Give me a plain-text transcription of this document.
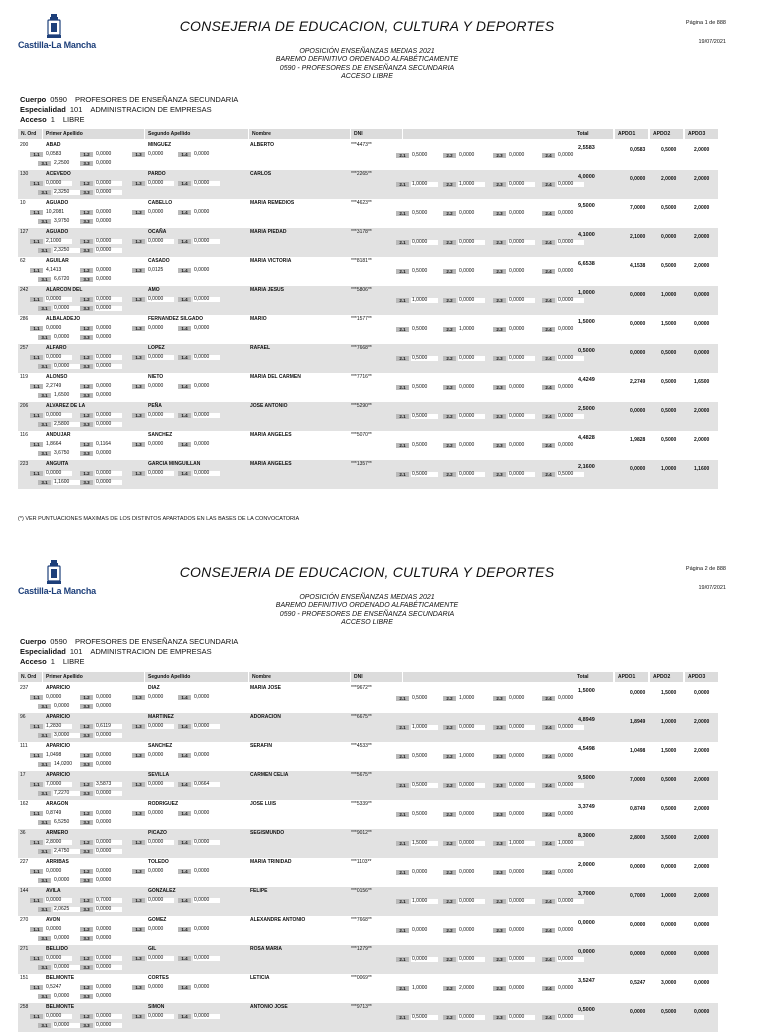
Castilla-La Mancha
CONSEJERIA DE EDUCACION, CULTURA Y DEPORTES	Página 1 de 888
19/07/2021
OPOSICIÓN ENSEÑANZAS MEDIAS 2021
BAREMO DEFINITIVO ORDENADO ALFABÉTICAMENTE
0590 - PROFESORES DE ENSEÑANZA SECUNDARIA
ACCESO LIBRE
Cuerpo 0590 PROFESORES DE ENSEÑANZA SECUNDARIA
Especialidad 101 ADMINISTRACION DE EMPRESAS
Acceso 1 LIBRE
N. Ord	Primer Apellido	Segundo Apellido	Nombre	DNI	Total	APDO1	APDO2	APDO3
200	ABAD	MINGUEZ	ALBERTO	***4473**	2,5583	0,0583	0,5000	2,0000
1.1	0,0583	1.2	0,0000	1.3	0,0000	1.4	0,0000
3.1	2,2500	3.3	0,0000
2.1	0,5000	2.2	0,0000	2.3	0,0000	2.4	0,0000
130	ACEVEDO	PARDO	CARLOS	***2265**	4,0000	0,0000	2,0000	2,0000
1.1	0,0000	1.2	0,0000	1.3	0,0000	1.4	0,0000
3.1	2,3250	3.3	0,0000
2.1	1,0000	2.2	1,0000	2.3	0,0000	2.4	0,0000
10	AGUADO	CABELLO	MARIA REMEDIOS	***4623**	9,5000	7,0000	0,5000	2,0000
1.1	10,2081	1.2	0,0000	1.3	0,0000	1.4	0,0000
3.1	3,9750	3.3	0,0000
2.1	0,5000	2.2	0,0000	2.3	0,0000	2.4	0,0000
127	AGUADO	OCAÑA	MARIA PIEDAD	***3178**	4,1000	2,1000	0,0000	2,0000
1.1	2,1000	1.2	0,0000	1.3	0,0000	1.4	0,0000
3.1	2,3250	3.3	0,0000
2.1	0,0000	2.2	0,0000	2.3	0,0000	2.4	0,0000
62	AGUILAR	CASADO	MARIA VICTORIA	***8181**	6,6538	4,1538	0,5000	2,0000
1.1	4,1413	1.2	0,0000	1.3	0,0125	1.4	0,0000
3.1	6,6720	3.3	0,0000
2.1	0,5000	2.2	0,0000	2.3	0,0000	2.4	0,0000
242	ALARCON DEL	AMO	MARIA JESUS	***5806**	1,0000	0,0000	1,0000	0,0000
1.1	0,0000	1.2	0,0000	1.3	0,0000	1.4	0,0000
3.1	0,0000	3.3	0,0000
2.1	1,0000	2.2	0,0000	2.3	0,0000	2.4	0,0000
286	ALBALADEJO	FERNANDEZ SILGADO	MARIO	***1577**	1,5000	0,0000	1,5000	0,0000
1.1	0,0000	1.2	0,0000	1.3	0,0000	1.4	0,0000
3.1	0,0000	3.3	0,0000
2.1	0,5000	2.2	1,0000	2.3	0,0000	2.4	0,0000
257	ALFARO	LOPEZ	RAFAEL	***7668**	0,5000	0,0000	0,5000	0,0000
1.1	0,0000	1.2	0,0000	1.3	0,0000	1.4	0,0000
3.1	0,0000	3.3	0,0000
2.1	0,5000	2.2	0,0000	2.3	0,0000	2.4	0,0000
119	ALONSO	NIETO	MARIA DEL CARMEN	***7716**	4,4249	2,2749	0,5000	1,6500
1.1	2,2749	1.2	0,0000	1.3	0,0000	1.4	0,0000
3.1	1,6500	3.3	0,0000
2.1	0,5000	2.2	0,0000	2.3	0,0000	2.4	0,0000
206	ALVAREZ DE LA	PEÑA	JOSE ANTONIO	***5290**	2,5000	0,0000	0,5000	2,0000
1.1	0,0000	1.2	0,0000	1.3	0,0000	1.4	0,0000
3.1	2,5800	3.3	0,0000
2.1	0,5000	2.2	0,0000	2.3	0,0000	2.4	0,0000
116	ANDUJAR	SANCHEZ	MARIA ANGELES	***5070**	4,4828	1,9828	0,5000	2,0000
1.1	1,8664	1.2	0,1164	1.3	0,0000	1.4	0,0000
3.1	3,6750	3.3	0,0000
2.1	0,5000	2.2	0,0000	2.3	0,0000	2.4	0,0000
223	ANGUITA	GARCIA MINGUILLAN	MARIA ANGELES	***1357**	2,1600	0,0000	1,0000	1,1600
1.1	0,0000	1.2	0,0000	1.3	0,0000	1.4	0,0000
3.1	1,1600	3.3	0,0000
2.1	0,5000	2.2	0,0000	2.3	0,0000	2.4	0,5000
(*) VER PUNTUACIONES MAXIMAS DE LOS DISTINTOS APARTADOS EN LAS BASES DE LA CONVOCATORIA
Castilla-La Mancha
CONSEJERIA DE EDUCACION, CULTURA Y DEPORTES	Página 2 de 888
19/07/2021
OPOSICIÓN ENSEÑANZAS MEDIAS 2021
BAREMO DEFINITIVO ORDENADO ALFABÉTICAMENTE
0590 - PROFESORES DE ENSEÑANZA SECUNDARIA
ACCESO LIBRE
Cuerpo 0590 PROFESORES DE ENSEÑANZA SECUNDARIA
Especialidad 101 ADMINISTRACION DE EMPRESAS
Acceso 1 LIBRE
N. Ord	Primer Apellido	Segundo Apellido	Nombre	DNI	Total	APDO1	APDO2	APDO3
237	APARICIO	DIAZ	MARIA JOSE	***9672**	1,5000	0,0000	1,5000	0,0000
1.1	0,0000	1.2	0,0000	1.3	0,0000	1.4	0,0000
3.1	0,0000	3.3	0,0000
2.1	0,5000	2.2	1,0000	2.3	0,0000	2.4	0,0000
96	APARICIO	MARTINEZ	ADORACION	***6675**	4,8949	1,8949	1,0000	2,0000
1.1	1,2830	1.2	0,6119	1.3	0,0000	1.4	0,0000
3.1	3,0000	3.3	0,0000
2.1	1,0000	2.2	0,0000	2.3	0,0000	2.4	0,0000
111	APARICIO	SANCHEZ	SERAFIN	***4533**	4,5498	1,0498	1,5000	2,0000
1.1	1,0498	1.2	0,0000	1.3	0,0000	1.4	0,0000
3.1	14,0200	3.3	0,0000
2.1	0,5000	2.2	1,0000	2.3	0,0000	2.4	0,0000
17	APARICIO	SEVILLA	CARMEN CELIA	***5675**	9,5000	7,0000	0,5000	2,0000
1.1	7,0000	1.2	3,5873	1.3	0,0000	1.4	0,0664
3.1	7,2270	3.3	0,0000
2.1	0,5000	2.2	0,0000	2.3	0,0000	2.4	0,0000
162	ARAGON	RODRIGUEZ	JOSE LUIS	***5339**	3,3749	0,8749	0,5000	2,0000
1.1	0,8749	1.2	0,0000	1.3	0,0000	1.4	0,0000
3.1	6,5250	3.3	0,0000
2.1	0,5000	2.2	0,0000	2.3	0,0000	2.4	0,0000
36	ARMERO	PICAZO	SEGISMUNDO	***9012**	8,3000	2,8000	3,5000	2,0000
1.1	2,8000	1.2	0,0000	1.3	0,0000	1.4	0,0000
3.1	2,4750	3.3	0,0000
2.1	1,5000	2.2	0,0000	2.3	1,0000	2.4	1,0000
227	ARRIBAS	TOLEDO	MARIA TRINIDAD	***1103**	2,0000	0,0000	0,0000	2,0000
1.1	0,0000	1.2	0,0000	1.3	0,0000	1.4	0,0000
3.1	0,0000	3.3	0,0000
2.1	0,0000	2.2	0,0000	2.3	0,0000	2.4	0,0000
144	AVILA	GONZALEZ	FELIPE	***0156**	3,7000	0,7000	1,0000	2,0000
1.1	0,0000	1.2	0,7000	1.3	0,0000	1.4	0,0000
3.1	2,0625	3.3	0,0000
2.1	1,0000	2.2	0,0000	2.3	0,0000	2.4	0,0000
270	AVON	GOMEZ	ALEXANDRE ANTONIO	***7668**	0,0000	0,0000	0,0000	0,0000
1.1	0,0000	1.2	0,0000	1.3	0,0000	1.4	0,0000
3.1	0,0000	3.3	0,0000
2.1	0,0000	2.2	0,0000	2.3	0,0000	2.4	0,0000
271	BELLIDO	GIL	ROSA MARIA	***1279**	0,0000	0,0000	0,0000	0,0000
1.1	0,0000	1.2	0,0000	1.3	0,0000	1.4	0,0000
3.1	0,0000	3.3	0,0000
2.1	0,0000	2.2	0,0000	2.3	0,0000	2.4	0,0000
151	BELMONTE	CORTES	LETICIA	***0069**	3,5247	0,5247	3,0000	0,0000
1.1	0,5247	1.2	0,0000	1.3	0,0000	1.4	0,0000
3.1	0,0000	3.3	0,0000
2.1	1,0000	2.2	2,0000	2.3	0,0000	2.4	0,0000
258	BELMONTE	SIMON	ANTONIO JOSE	***9713**	0,5000	0,0000	0,5000	0,0000
1.1	0,0000	1.2	0,0000	1.3	0,0000	1.4	0,0000
3.1	0,0000	3.3	0,0000
2.1	0,5000	2.2	0,0000	2.3	0,0000	2.4	0,0000
